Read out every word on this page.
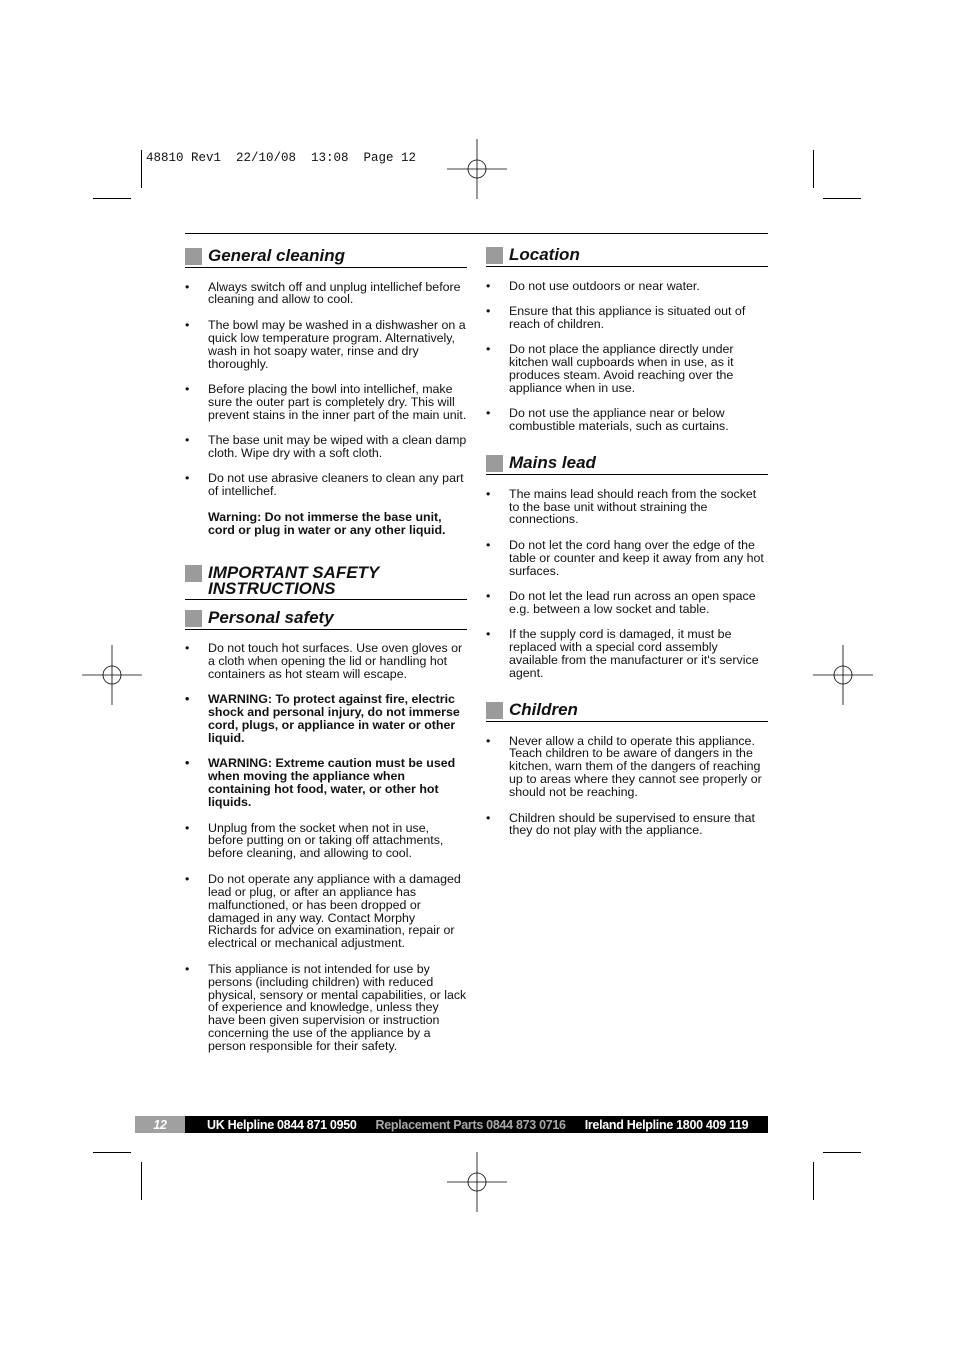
48810 Rev1  22/10/08  13:08  Page 12
General cleaning
• Always switch off and unplug intellichef before cleaning and allow to cool.
• The bowl may be washed in a dishwasher on a quick low temperature program. Alternatively, wash in hot soapy water, rinse and dry thoroughly.
• Before placing the bowl into intellichef, make sure the outer part is completely dry. This will prevent stains in the inner part of the main unit.
• The base unit may be wiped with a clean damp cloth. Wipe dry with a soft cloth.
• Do not use abrasive cleaners to clean any part of intellichef.
Warning: Do not immerse the base unit, cord or plug in water or any other liquid.
IMPORTANT SAFETY INSTRUCTIONS
Personal safety
• Do not touch hot surfaces. Use oven gloves or a cloth when opening the lid or handling hot containers as hot steam will escape.
• WARNING: To protect against fire, electric shock and personal injury, do not immerse cord, plugs, or appliance in water or other liquid.
• WARNING: Extreme caution must be used when moving the appliance when containing hot food, water, or other hot liquids.
• Unplug from the socket when not in use, before putting on or taking off attachments, before cleaning, and allowing to cool.
• Do not operate any appliance with a damaged lead or plug, or after an appliance has malfunctioned, or has been dropped or damaged in any way. Contact Morphy Richards for advice on examination, repair or electrical or mechanical adjustment.
• This appliance is not intended for use by persons (including children) with reduced physical, sensory or mental capabilities, or lack of experience and knowledge, unless they have been given supervision or instruction concerning the use of the appliance by a person responsible for their safety.
Location
• Do not use outdoors or near water.
• Ensure that this appliance is situated out of reach of children.
• Do not place the appliance directly under kitchen wall cupboards when in use, as it produces steam. Avoid reaching over the appliance when in use.
• Do not use the appliance near or below combustible materials, such as curtains.
Mains lead
• The mains lead should reach from the socket to the base unit without straining the connections.
• Do not let the cord hang over the edge of the table or counter and keep it away from any hot surfaces.
• Do not let the lead run across an open space e.g. between a low socket and table.
• If the supply cord is damaged, it must be replaced with a special cord assembly available from the manufacturer or it's service agent.
Children
• Never allow a child to operate this appliance. Teach children to be aware of dangers in the kitchen, warn them of the dangers of reaching up to areas where they cannot see properly or should not be reaching.
• Children should be supervised to ensure that they do not play with the appliance.
12	UK Helpline 0844 871 0950 Replacement Parts 0844 873 0716 Ireland Helpline 1800 409 119
